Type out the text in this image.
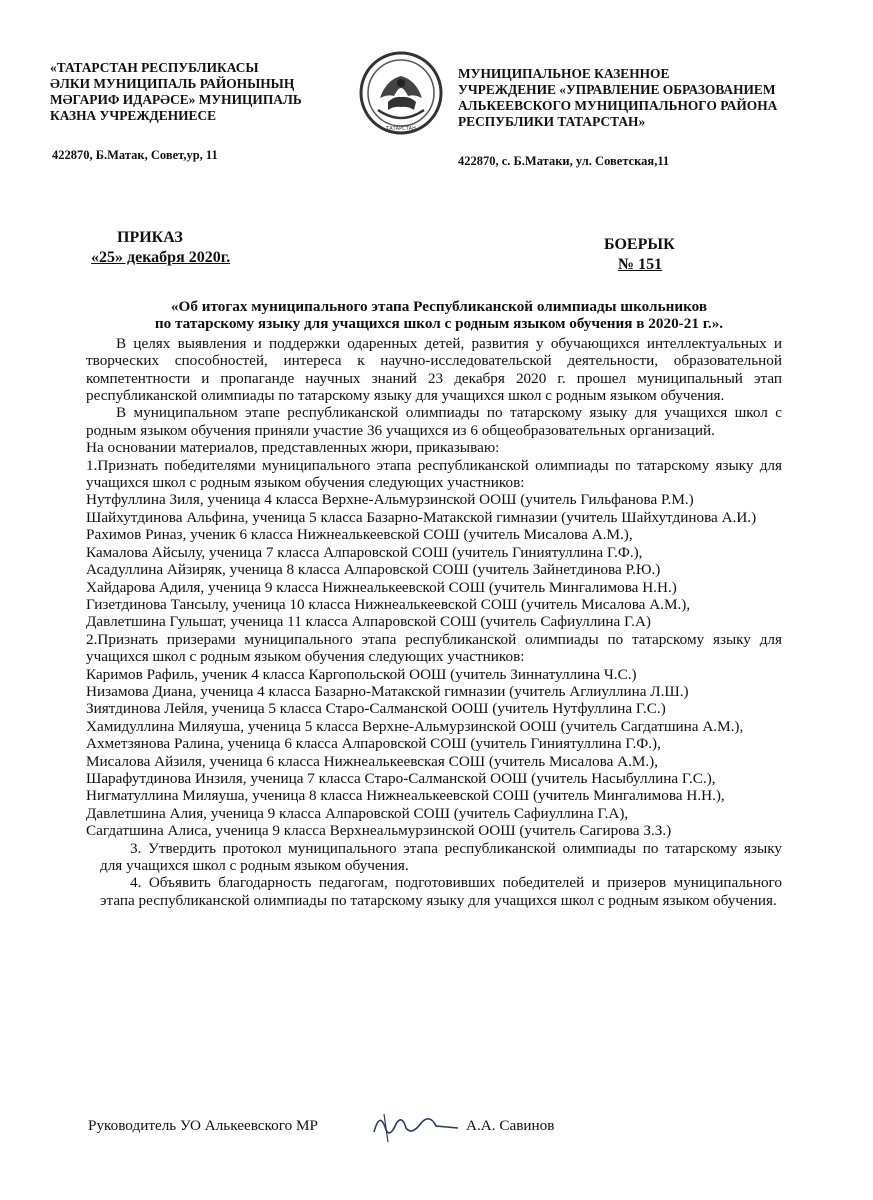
«ТАТАРСТАН РЕСПУБЛИКАСЫ
ӘЛКИ МУНИЦИПАЛЬ РАЙОНЫНЫҢ
МӘГАРИФ ИДАРӘСЕ» МУНИЦИПАЛЬ
КАЗНА УЧРЕЖДЕНИЕСЕ
ТАТАРСТАН
МУНИЦИПАЛЬНОЕ КАЗЕННОЕ
УЧРЕЖДЕНИЕ «УПРАВЛЕНИЕ ОБРАЗОВАНИЕМ
АЛЬКЕЕВСКОГО МУНИЦИПАЛЬНОГО РАЙОНА
РЕСПУБЛИКИ ТАТАРСТАН»
422870, Б.Матак, Совет,ур, 11	422870, с. Б.Матаки, ул. Советская,11
ПРИКАЗ
«25» декабря 2020г.
БОЕРЫК
№ 151
«Об итогах муниципального этапа Республиканской олимпиады школьников
по татарскому языку для учащихся школ с родным языком обучения в 2020-21 г.».

В целях выявления и поддержки одаренных детей, развития у обучающихся интеллектуальных и творческих способностей, интереса к научно-исследовательской деятельности, образовательной компетентности и пропаганде научных знаний 23 декабря 2020 г. прошел муниципальный этап республиканской олимпиады по татарскому языку для учащихся школ с родным языком обучения.

В муниципальном этапе республиканской олимпиады по татарскому языку для учащихся школ с родным языком обучения приняли участие 36 учащихся из 6 общеобразовательных организаций.

На основании материалов, представленных жюри, приказываю:

1.Признать победителями муниципального этапа республиканской олимпиады по татарскому языку для учащихся школ с родным языком обучения следующих участников:

Нутфуллина Зиля, ученица 4 класса Верхне-Альмурзинской ООШ (учитель Гильфанова Р.М.)

Шайхутдинова Альфина, ученица 5 класса Базарно-Матакской гимназии (учитель Шайхутдинова А.И.)

Рахимов Риназ, ученик 6 класса Нижнеалькеевской СОШ (учитель Мисалова А.М.),

Камалова Айсылу, ученица 7 класса Алпаровской СОШ (учитель Гиниятуллина Г.Ф.),

Асадуллина Айзиряк, ученица 8 класса Алпаровской СОШ (учитель Зайнетдинова Р.Ю.)

Хайдарова Адиля, ученица 9 класса Нижнеалькеевской СОШ (учитель Мингалимова Н.Н.)

Гизетдинова Тансылу, ученица 10 класса Нижнеалькеевской СОШ (учитель Мисалова А.М.),

Давлетшина Гульшат, ученица 11 класса Алпаровской СОШ (учитель Сафиуллина Г.А)

2.Признать призерами муниципального этапа республиканской олимпиады по татарскому языку для учащихся школ с родным языком обучения следующих участников:

Каримов Рафиль, ученик 4 класса Каргопольской ООШ (учитель Зиннатуллина Ч.С.)

Низамова Диана, ученица 4 класса Базарно-Матакской гимназии (учитель Аглиуллина Л.Ш.)

Зиятдинова Лейля, ученица 5 класса Старо-Салманской ООШ (учитель Нутфуллина Г.С.)

Хамидуллина Миляуша, ученица 5 класса Верхне-Альмурзинской ООШ (учитель Сагдатшина А.М.),

Ахметзянова Ралина, ученица 6 класса Алпаровской СОШ (учитель Гиниятуллина Г.Ф.),

Мисалова Айзиля, ученица 6 класса Нижнеалькеевская СОШ (учитель Мисалова А.М.),

Шарафутдинова Инзиля, ученица 7 класса Старо-Салманской ООШ (учитель Насыбуллина Г.С.),

Нигматуллина Миляуша, ученица 8 класса Нижнеалькеевской СОШ (учитель Мингалимова Н.Н.),

Давлетшина Алия, ученица 9 класса Алпаровской СОШ (учитель Сафиуллина Г.А),

Сагдатшина Алиса, ученица 9 класса Верхнеальмурзинской ООШ (учитель Сагирова З.З.)

3. Утвердить протокол муниципального этапа республиканской олимпиады по татарскому языку для учащихся школ с родным языком обучения.

4. Объявить благодарность педагогам, подготовивших победителей и призеров муниципального этапа республиканской олимпиады по татарскому языку для учащихся школ с родным языком обучения.

Руководитель УО Алькеевского МР	А.А. Савинов
